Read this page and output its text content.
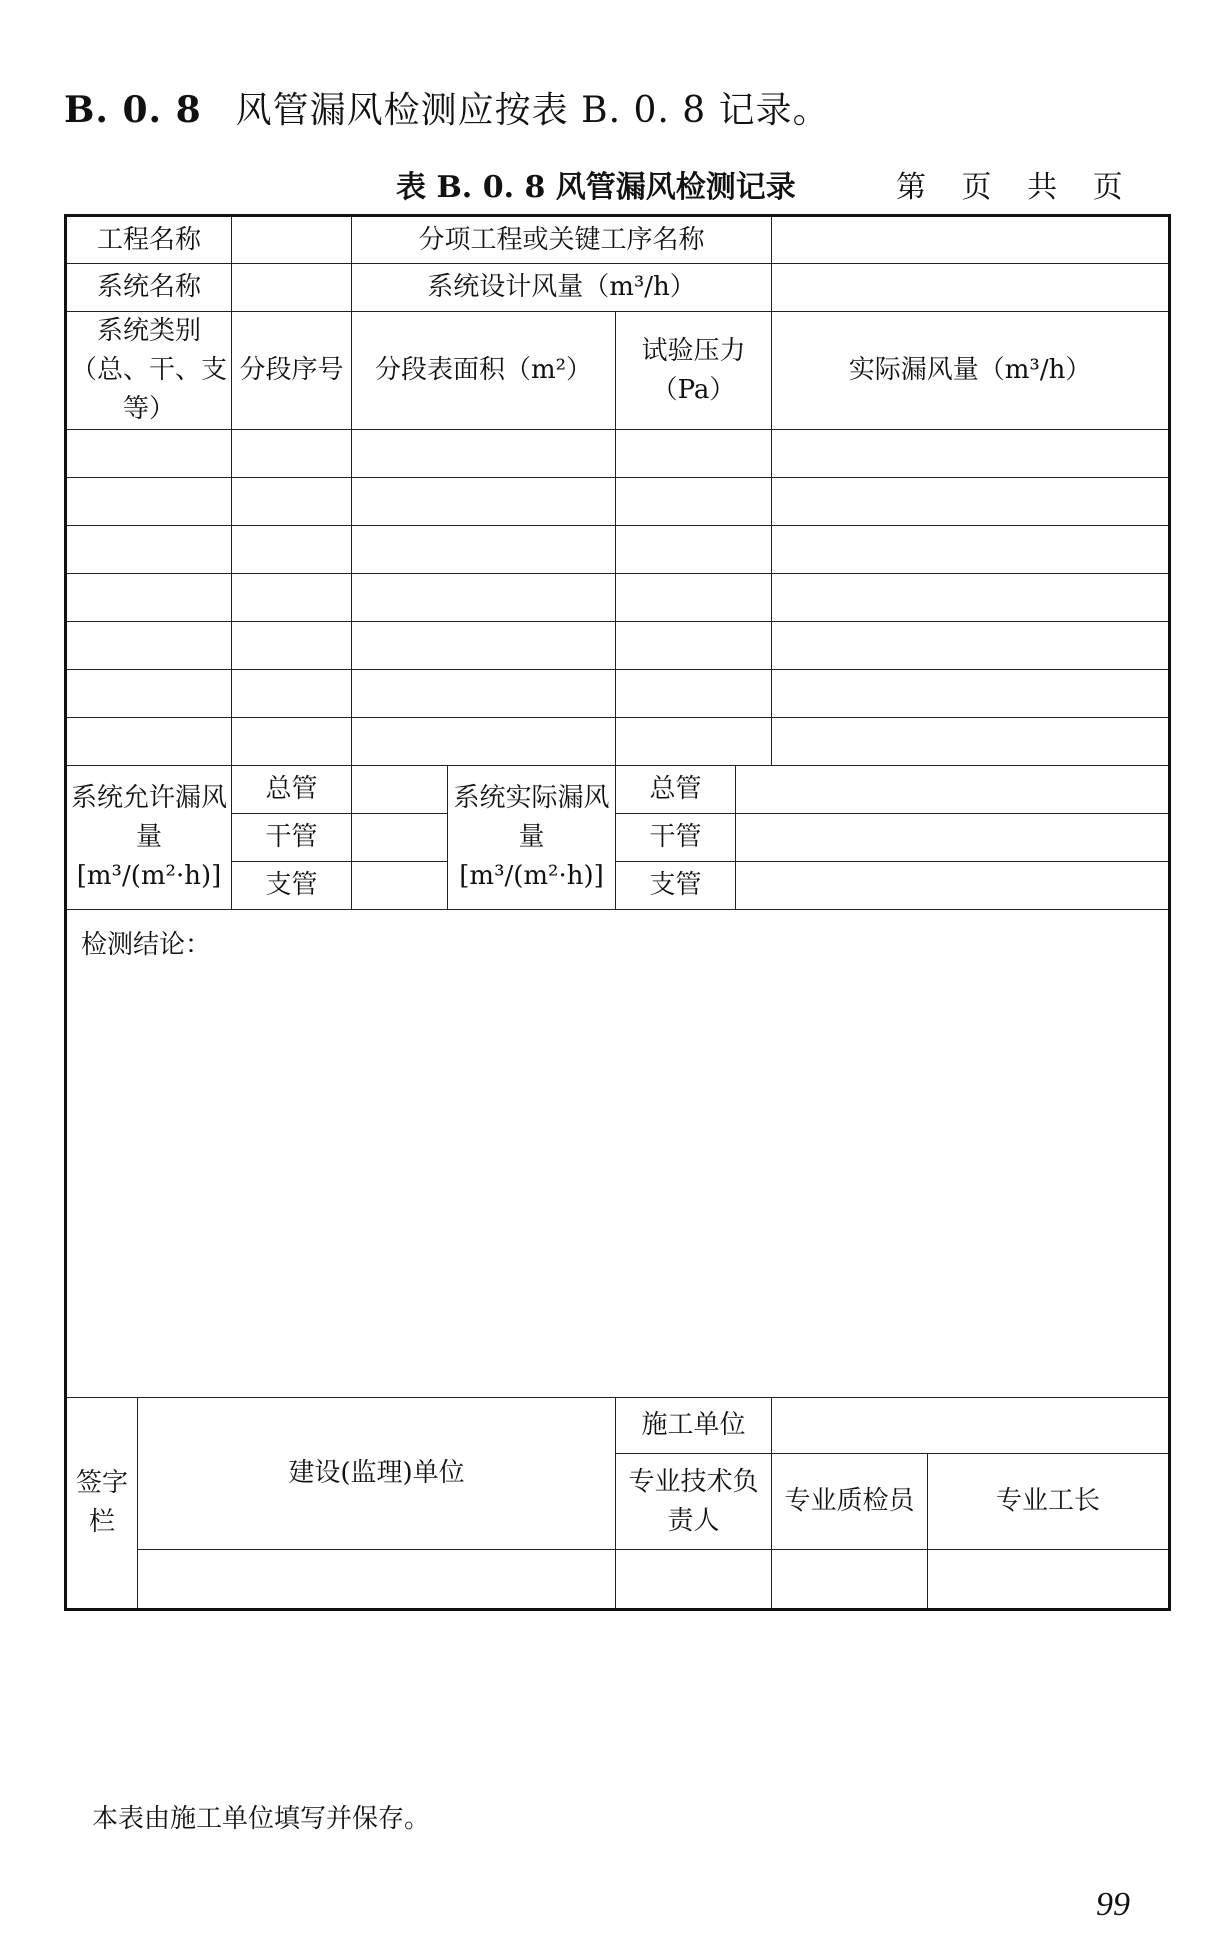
B. 0. 8 风管漏风检测应按表 B. 0. 8 记录。
表 B. 0. 8 风管漏风检测记录	第 页 共 页
工程名称			分项工程或关键工序名称					
系统名称			系统设计风量（m³/h）					
系统类别（总、干、支等）		分段序号	分段表面积（m²）		试验压力（Pa）		实际漏风量（m³/h）	

系统允许漏风量[m³/(m²·h)]		总管		系统实际漏风量[m³/(m²·h)]	总管			
		干管			干管			
		支管			支管			

检测结论：								

签字栏	建设(监理)单位				施工单位			
					专业技术负责人		专业质检员	专业工长

本表由施工单位填写并保存。
99
